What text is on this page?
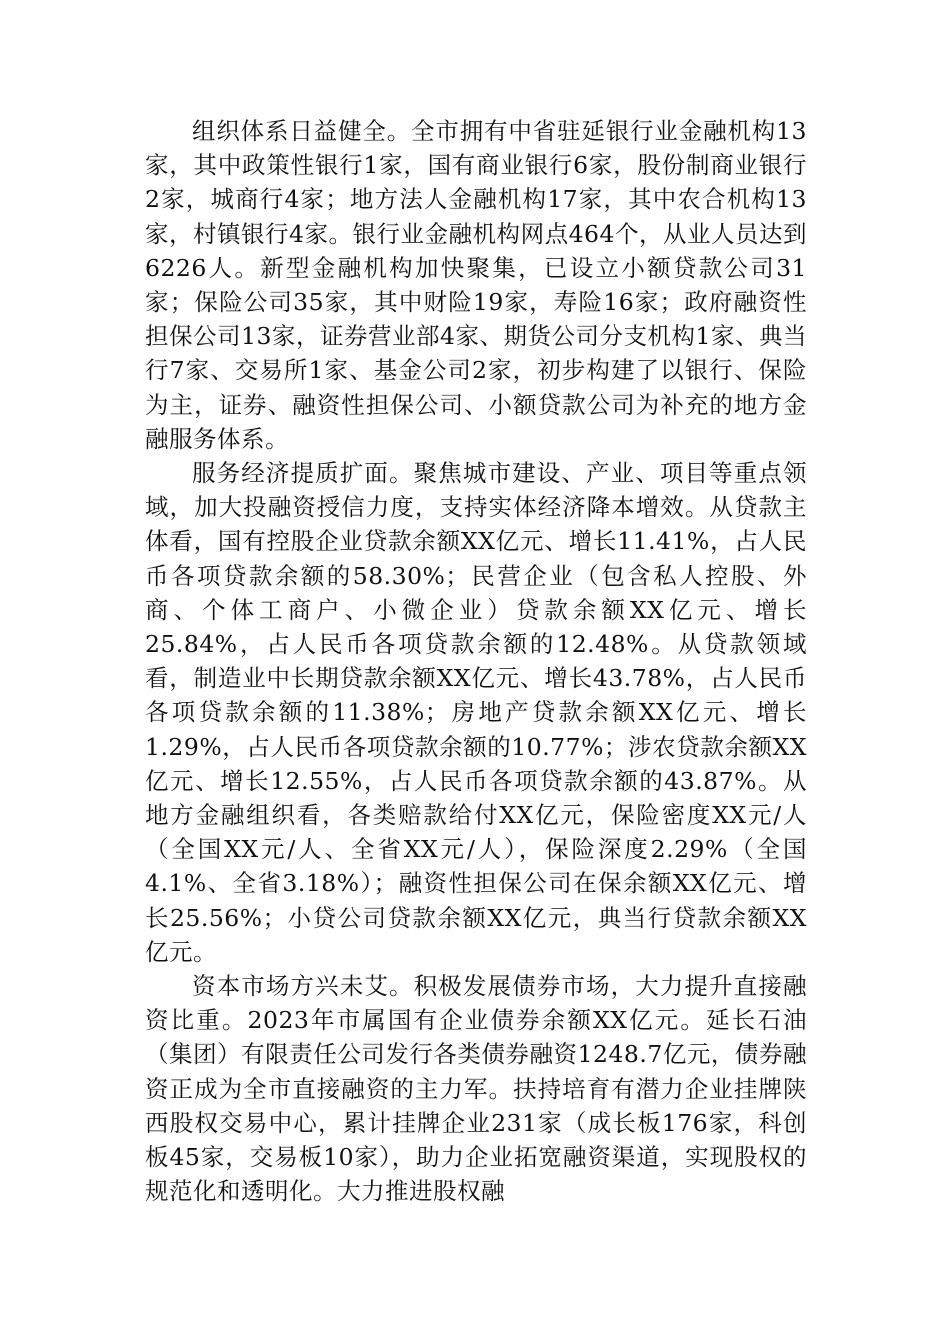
组织体系日益健全。全市拥有中省驻延银行业金融机构13家，其中政策性银行1家，国有商业银行6家，股份制商业银行2家，城商行4家；地方法人金融机构17家，其中农合机构13家，村镇银行4家。银行业金融机构网点464个，从业人员达到6226人。新型金融机构加快聚集，已设立小额贷款公司31家；保险公司35家，其中财险19家，寿险16家；政府融资性担保公司13家，证券营业部4家、期货公司分支机构1家、典当行7家、交易所1家、基金公司2家，初步构建了以银行、保险为主，证券、融资性担保公司、小额贷款公司为补充的地方金融服务体系。

服务经济提质扩面。聚焦城市建设、产业、项目等重点领域，加大投融资授信力度，支持实体经济降本增效。从贷款主体看，国有控股企业贷款余额XX亿元、增长11.41%，占人民币各项贷款余额的58.30%；民营企业（包含私人控股、外商、个体工商户、小微企业）贷款余额XX亿元、增长25.84%，占人民币各项贷款余额的12.48%。从贷款领域看，制造业中长期贷款余额XX亿元、增长43.78%，占人民币各项贷款余额的11.38%；房地产贷款余额XX亿元、增长1.29%，占人民币各项贷款余额的10.77%；涉农贷款余额XX亿元、增长12.55%，占人民币各项贷款余额的43.87%。从地方金融组织看，各类赔款给付XX亿元，保险密度XX元/人（全国XX元/人、全省XX元/人），保险深度2.29%（全国4.1%、全省3.18%）；融资性担保公司在保余额XX亿元、增长25.56%；小贷公司贷款余额XX亿元，典当行贷款余额XX亿元。

资本市场方兴未艾。积极发展债券市场，大力提升直接融资比重。2023年市属国有企业债券余额XX亿元。延长石油（集团）有限责任公司发行各类债券融资1248.7亿元，债券融资正成为全市直接融资的主力军。扶持培育有潜力企业挂牌陕西股权交易中心，累计挂牌企业231家（成长板176家，科创板45家，交易板10家），助力企业拓宽融资渠道，实现股权的规范化和透明化。大力推进股权融
